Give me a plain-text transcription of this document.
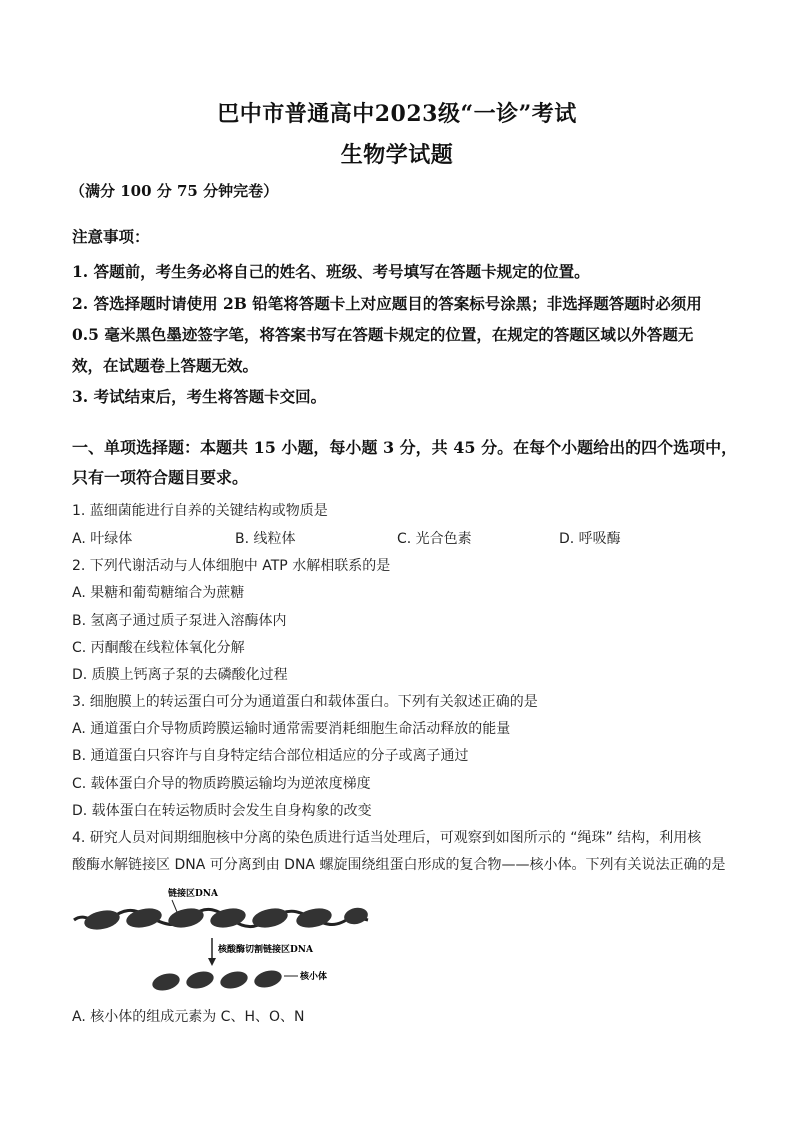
巴中市普通高中2023级“一诊”考试
生物学试题
（满分 100 分 75 分钟完卷）
注意事项：
1. 答题前，考生务必将自己的姓名、班级、考号填写在答题卡规定的位置。
2. 答选择题时请使用 2B 铅笔将答题卡上对应题目的答案标号涂黑；非选择题答题时必须用
0.5 毫米黑色墨迹签字笔，将答案书写在答题卡规定的位置，在规定的答题区域以外答题无
效，在试题卷上答题无效。
3. 考试结束后，考生将答题卡交回。
一、单项选择题：本题共 15 小题，每小题 3 分，共 45 分。在每个小题给出的四个选项中，
只有一项符合题目要求。
1. 蓝细菌能进行自养的关键结构或物质是
A. 叶绿体	B. 线粒体	C. 光合色素	D. 呼吸酶
2. 下列代谢活动与人体细胞中 ATP 水解相联系的是
A. 果糖和葡萄糖缩合为蔗糖
B. 氢离子通过质子泵进入溶酶体内
C. 丙酮酸在线粒体氧化分解
D. 质膜上钙离子泵的去磷酸化过程
3. 细胞膜上的转运蛋白可分为通道蛋白和载体蛋白。下列有关叙述正确的是
A. 通道蛋白介导物质跨膜运输时通常需要消耗细胞生命活动释放的能量
B. 通道蛋白只容许与自身特定结合部位相适应的分子或离子通过
C. 载体蛋白介导的物质跨膜运输均为逆浓度梯度
D. 载体蛋白在转运物质时会发生自身构象的改变
4. 研究人员对间期细胞核中分离的染色质进行适当处理后，可观察到如图所示的 “绳珠” 结构，利用核
酸酶水解链接区 DNA 可分离到由 DNA 螺旋围绕组蛋白形成的复合物——核小体。下列有关说法正确的是
链接区DNA
核酸酶切割链接区DNA
核小体
A. 核小体的组成元素为 C、H、O、N
